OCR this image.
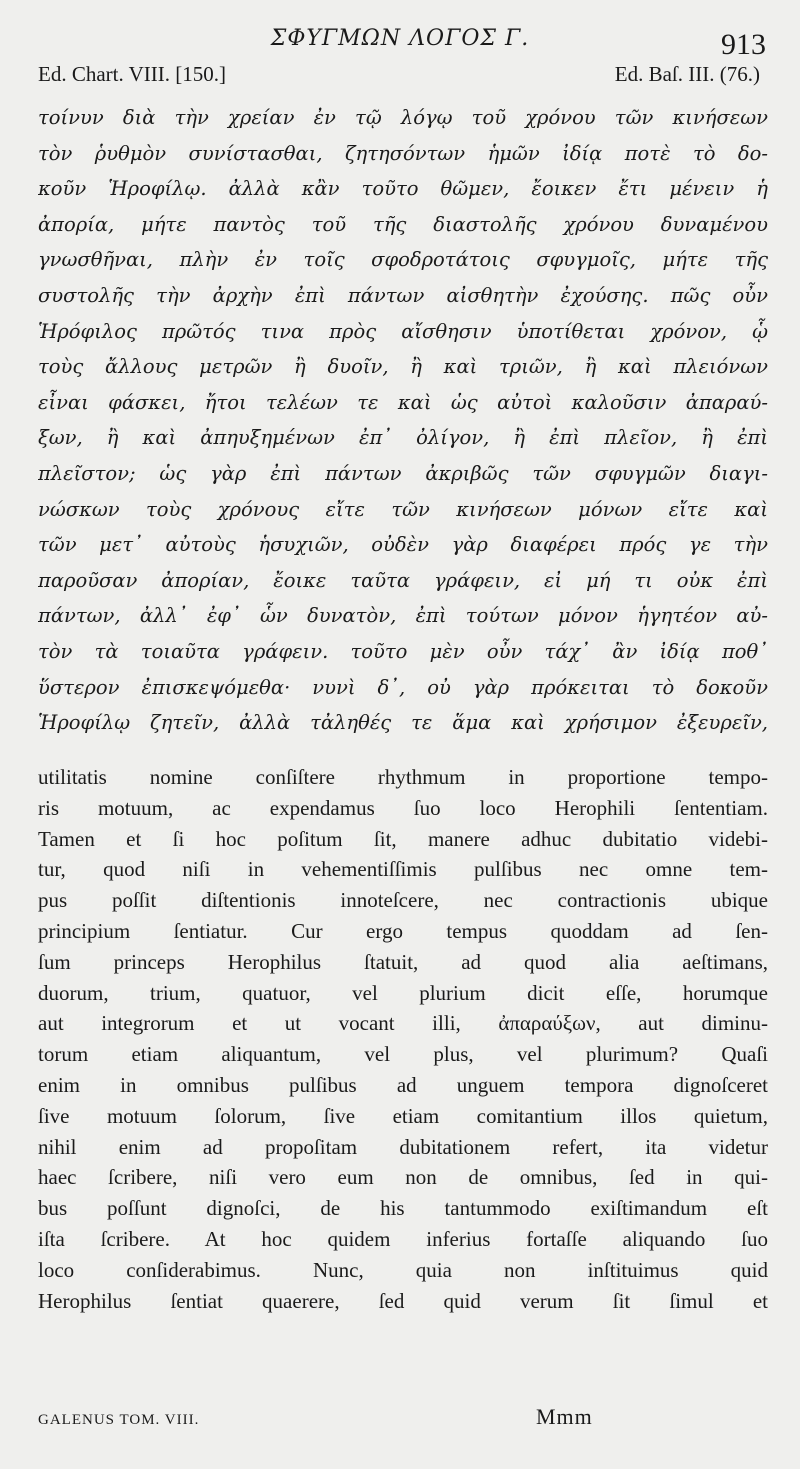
ΣΦΥΓΜΩΝ ΛΟΓΟΣ Γ.	913
Ed. Chart. VIII. [150.]	Ed. Baſ. III. (76.)
τοίνυν διὰ τὴν χρείαν ἐν τῷ λόγῳ τοῦ χρόνου τῶν κινήσεων
τὸν ῥυθμὸν συνίστασθαι, ζητησόντων ἡμῶν ἰδίᾳ ποτὲ τὸ δο-
κοῦν Ἡροφίλῳ. ἀλλὰ κἂν τοῦτο θῶμεν, ἔοικεν ἔτι μένειν ἡ
ἀπορία, μήτε παντὸς τοῦ τῆς διαστολῆς χρόνου δυναμένου
γνωσθῆναι, πλὴν ἐν τοῖς σφοδροτάτοις σφυγμοῖς, μήτε τῆς
συστολῆς τὴν ἀρχὴν ἐπὶ πάντων αἰσθητὴν ἐχούσης. πῶς οὖν
Ἡρόφιλος πρῶτός τινα πρὸς αἴσθησιν ὑποτίθεται χρόνον, ᾧ
τοὺς ἄλλους μετρῶν ἢ δυοῖν, ἢ καὶ τριῶν, ἢ καὶ πλειόνων
εἶναι φάσκει, ἤτοι τελέων τε καὶ ὡς αὐτοὶ καλοῦσιν ἀπαραύ-
ξων, ἢ καὶ ἀπηυξημένων ἐπ᾽ ὀλίγον, ἢ ἐπὶ πλεῖον, ἢ ἐπὶ
πλεῖστον; ὡς γὰρ ἐπὶ πάντων ἀκριβῶς τῶν σφυγμῶν διαγι-
νώσκων τοὺς χρόνους εἴτε τῶν κινήσεων μόνων εἴτε καὶ
τῶν μετ᾽ αὐτοὺς ἡσυχιῶν, οὐδὲν γὰρ διαφέρει πρός γε τὴν
παροῦσαν ἀπορίαν, ἔοικε ταῦτα γράφειν, εἰ μή τι οὐκ ἐπὶ
πάντων, ἀλλ᾽ ἐφ᾽ ὧν δυνατὸν, ἐπὶ τούτων μόνον ἡγητέον αὐ-
τὸν τὰ τοιαῦτα γράφειν. τοῦτο μὲν οὖν τάχ᾽ ἂν ἰδίᾳ ποθ᾽
ὕστερον ἐπισκεψόμεθα· νυνὶ δ᾽, οὐ γὰρ πρόκειται τὸ δοκοῦν
Ἡροφίλῳ ζητεῖν, ἀλλὰ τἀληθές τε ἅμα καὶ χρήσιμον ἐξευρεῖν,
utilitatis nomine conſiſtere rhythmum in proportione tempo-
ris motuum, ac expendamus ſuo loco Herophili ſententiam.
Tamen et ſi hoc poſitum ſit, manere adhuc dubitatio videbi-
tur, quod niſi in vehementiſſimis pulſibus nec omne tem-
pus poſſit diſtentionis innoteſcere, nec contractionis ubique
principium ſentiatur. Cur ergo tempus quoddam ad ſen-
ſum princeps Herophilus ſtatuit, ad quod alia aeſtimans,
duorum, trium, quatuor, vel plurium dicit eſſe, horumque
aut integrorum et ut vocant illi, ἀπαραύξων, aut diminu-
torum etiam aliquantum, vel plus, vel plurimum? Quaſi
enim in omnibus pulſibus ad unguem tempora dignoſceret
ſive motuum ſolorum, ſive etiam comitantium illos quietum,
nihil enim ad propoſitam dubitationem refert, ita videtur
haec ſcribere, niſi vero eum non de omnibus, ſed in qui-
bus poſſunt dignoſci, de his tantummodo exiſtimandum eſt
iſta ſcribere. At hoc quidem inferius fortaſſe aliquando ſuo
loco conſiderabimus. Nunc, quia non inſtituimus quid
Herophilus ſentiat quaerere, ſed quid verum ſit ſimul et
GALENUS TOM. VIII.	Mmm
